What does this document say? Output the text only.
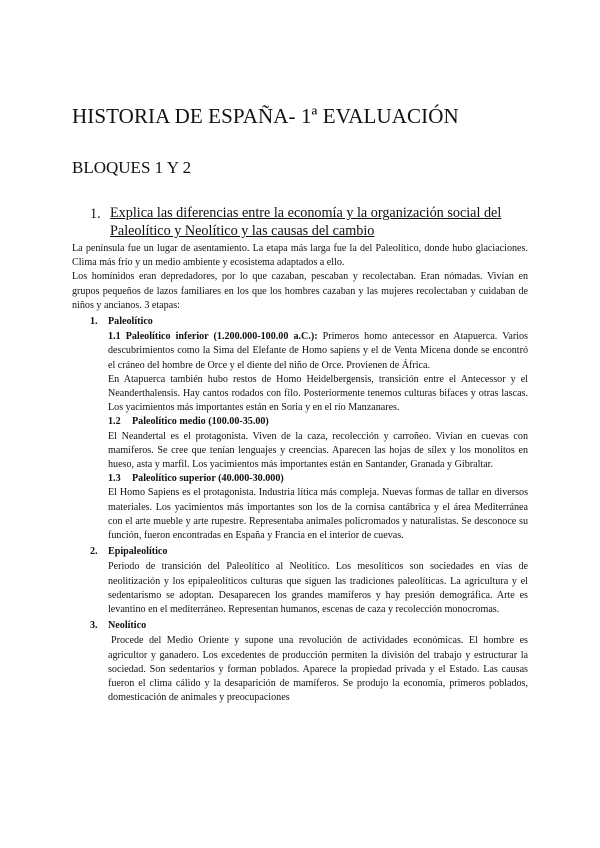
HISTORIA DE ESPAÑA- 1ª EVALUACIÓN
BLOQUES 1 Y 2
1. Explica las diferencias entre la economía y la organización social del
Paleolítico y Neolítico y las causas del cambio

La península fue un lugar de asentamiento. La etapa más larga fue la del Paleolítico, donde hubo glaciaciones. Clima más frío y un medio ambiente y ecosistema adaptados a ello.

Los homínidos eran depredadores, por lo que cazaban, pescaban y recolectaban. Eran nómadas. Vivían en grupos pequeños de lazos familiares en los que los hombres cazaban y las mujeres recolectaban y cuidaban de niños y ancianos. 3 etapas:

1. Paleolítico

1.1 Paleolítico inferior (1.200.000-100.00 a.C.): Primeros homo antecessor en Atapuerca. Varios descubrimientos como la Sima del Elefante de Homo sapiens y el de Venta Micena donde se encontró el cráneo del hombre de Orce y el diente del niño de Orce. Provienen de África.

En Atapuerca también hubo restos de Homo Heidelbergensis, transición entre el Antecessor y el Neanderthalensis. Hay cantos rodados con filo. Posteriormente tenemos culturas bifaces y otras lascas. Los yacimientos más importantes están en Soria y en el río Manzanares.

1.2 Paleolítico medio (100.00-35.00)

El Neandertal es el protagonista. Viven de la caza, recolección y carroñeo. Vivían en cuevas con mamíferos. Se cree que tenían lenguajes y creencias. Aparecen las hojas de sílex y los monolitos en hueso, asta y marfil. Los yacimientos más importantes están en Santander, Granada y Gibraltar.

1.3 Paleolítico superior (40.000-30.000)

El Homo Sapiens es el protagonista. Industria lítica más compleja. Nuevas formas de tallar en diversos materiales. Los yacimientos más importantes son los de la cornisa cantábrica y el área Mediterránea con el arte mueble y arte rupestre. Representaba animales policromados y naturalistas. Se desconoce su función, fueron encontradas en España y Francia en el interior de cuevas.

2. Epipaleolítico

Periodo de transición del Paleolítico al Neolítico. Los mesolíticos son sociedades en vías de neolitización y los epipaleolíticos culturas que siguen las tradiciones paleolíticas. La agricultura y el sedentarismo se adoptan. Desaparecen los grandes mamíferos y hay presión demográfica. Arte es levantino en el mediterráneo. Representan humanos, escenas de caza y recolección monocromas.

3. Neolítico

Procede del Medio Oriente y supone una revolución de actividades económicas. El hombre es agricultor y ganadero. Los excedentes de producción permiten la división del trabajo y estructurar la sociedad. Son sedentarios y forman poblados. Aparece la propiedad privada y el Estado. Las causas fueron el clima cálido y la desaparición de mamíferos. Se produjo la economía, primeros poblados, domesticación de animales y preocupaciones
